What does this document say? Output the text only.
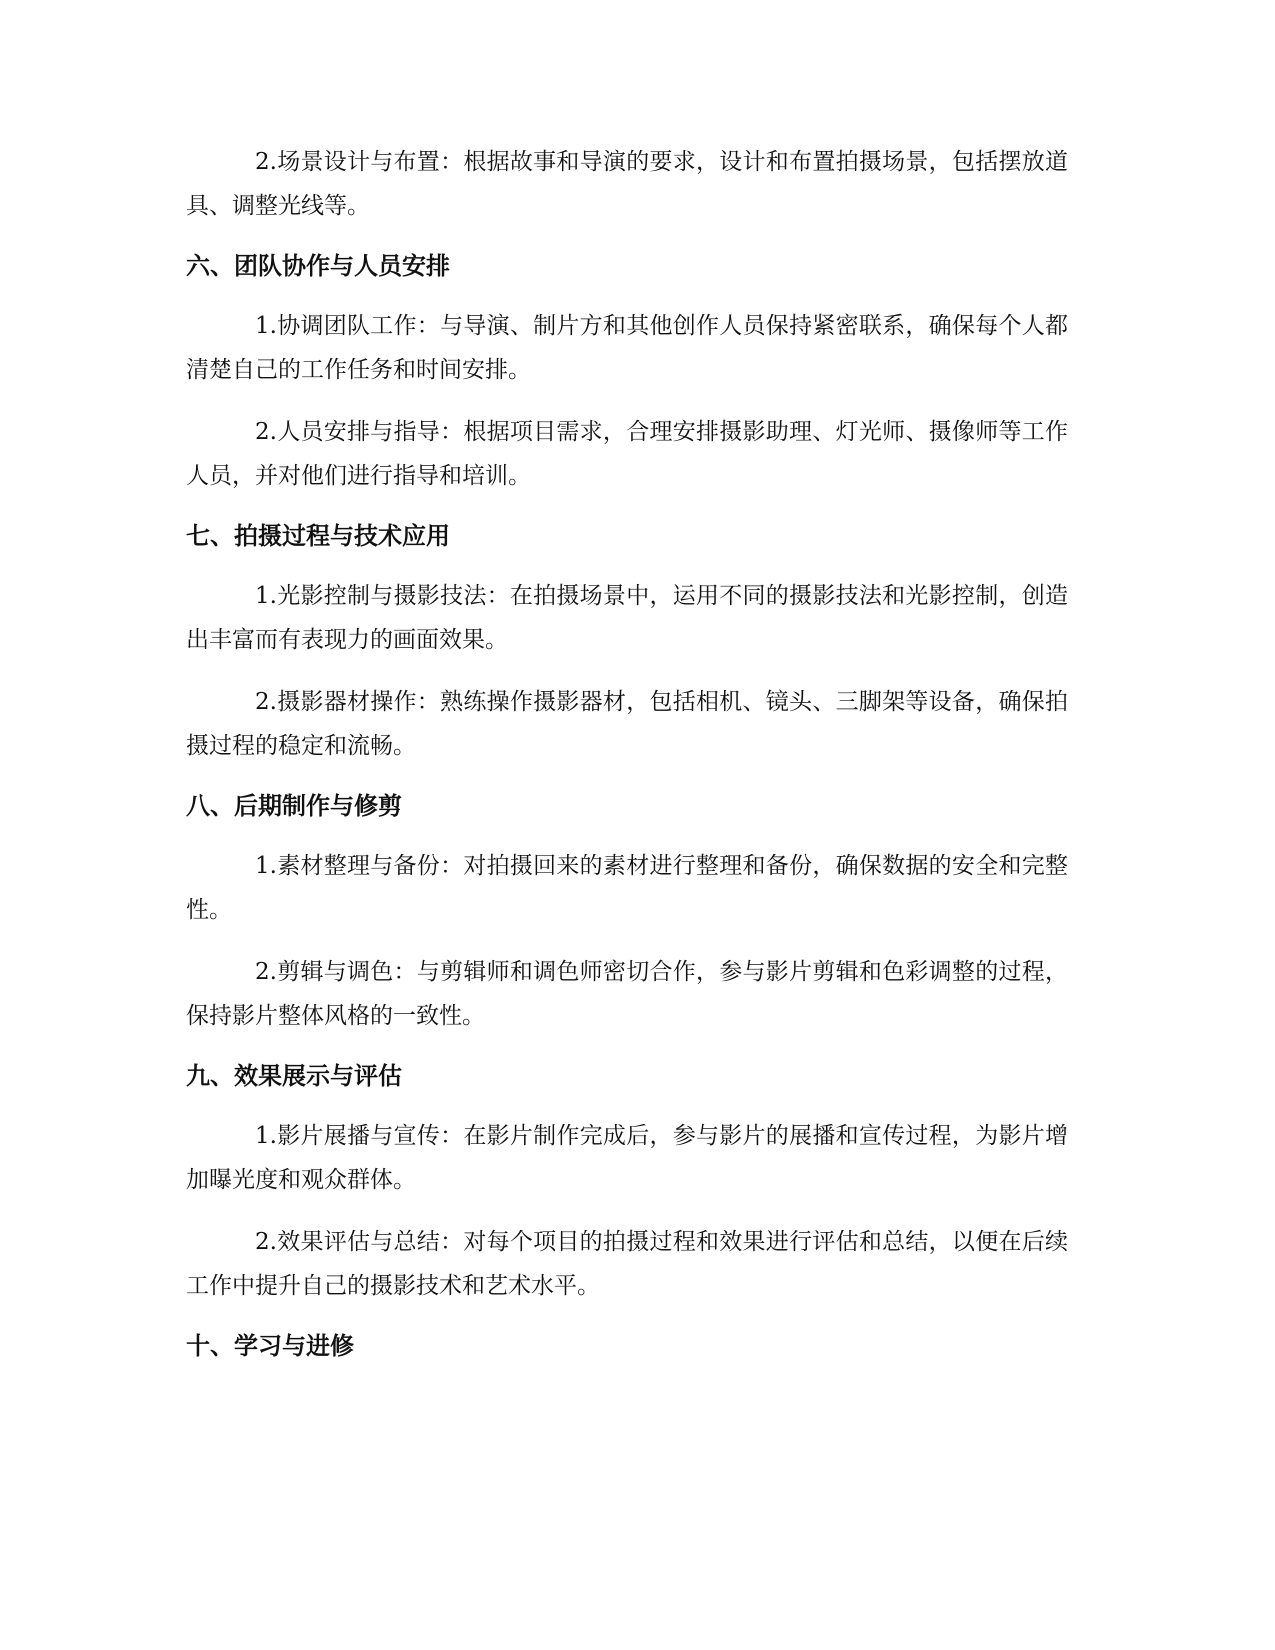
2.场景设计与布置：根据故事和导演的要求，设计和布置拍摄场景，包括摆放道具、调整光线等。

六、团队协作与人员安排

1.协调团队工作：与导演、制片方和其他创作人员保持紧密联系，确保每个人都清楚自己的工作任务和时间安排。

2.人员安排与指导：根据项目需求，合理安排摄影助理、灯光师、摄像师等工作人员，并对他们进行指导和培训。

七、拍摄过程与技术应用

1.光影控制与摄影技法：在拍摄场景中，运用不同的摄影技法和光影控制，创造出丰富而有表现力的画面效果。

2.摄影器材操作：熟练操作摄影器材，包括相机、镜头、三脚架等设备，确保拍摄过程的稳定和流畅。

八、后期制作与修剪

1.素材整理与备份：对拍摄回来的素材进行整理和备份，确保数据的安全和完整性。

2.剪辑与调色：与剪辑师和调色师密切合作，参与影片剪辑和色彩调整的过程，保持影片整体风格的一致性。

九、效果展示与评估

1.影片展播与宣传：在影片制作完成后，参与影片的展播和宣传过程，为影片增加曝光度和观众群体。

2.效果评估与总结：对每个项目的拍摄过程和效果进行评估和总结，以便在后续工作中提升自己的摄影技术和艺术水平。

十、学习与进修
